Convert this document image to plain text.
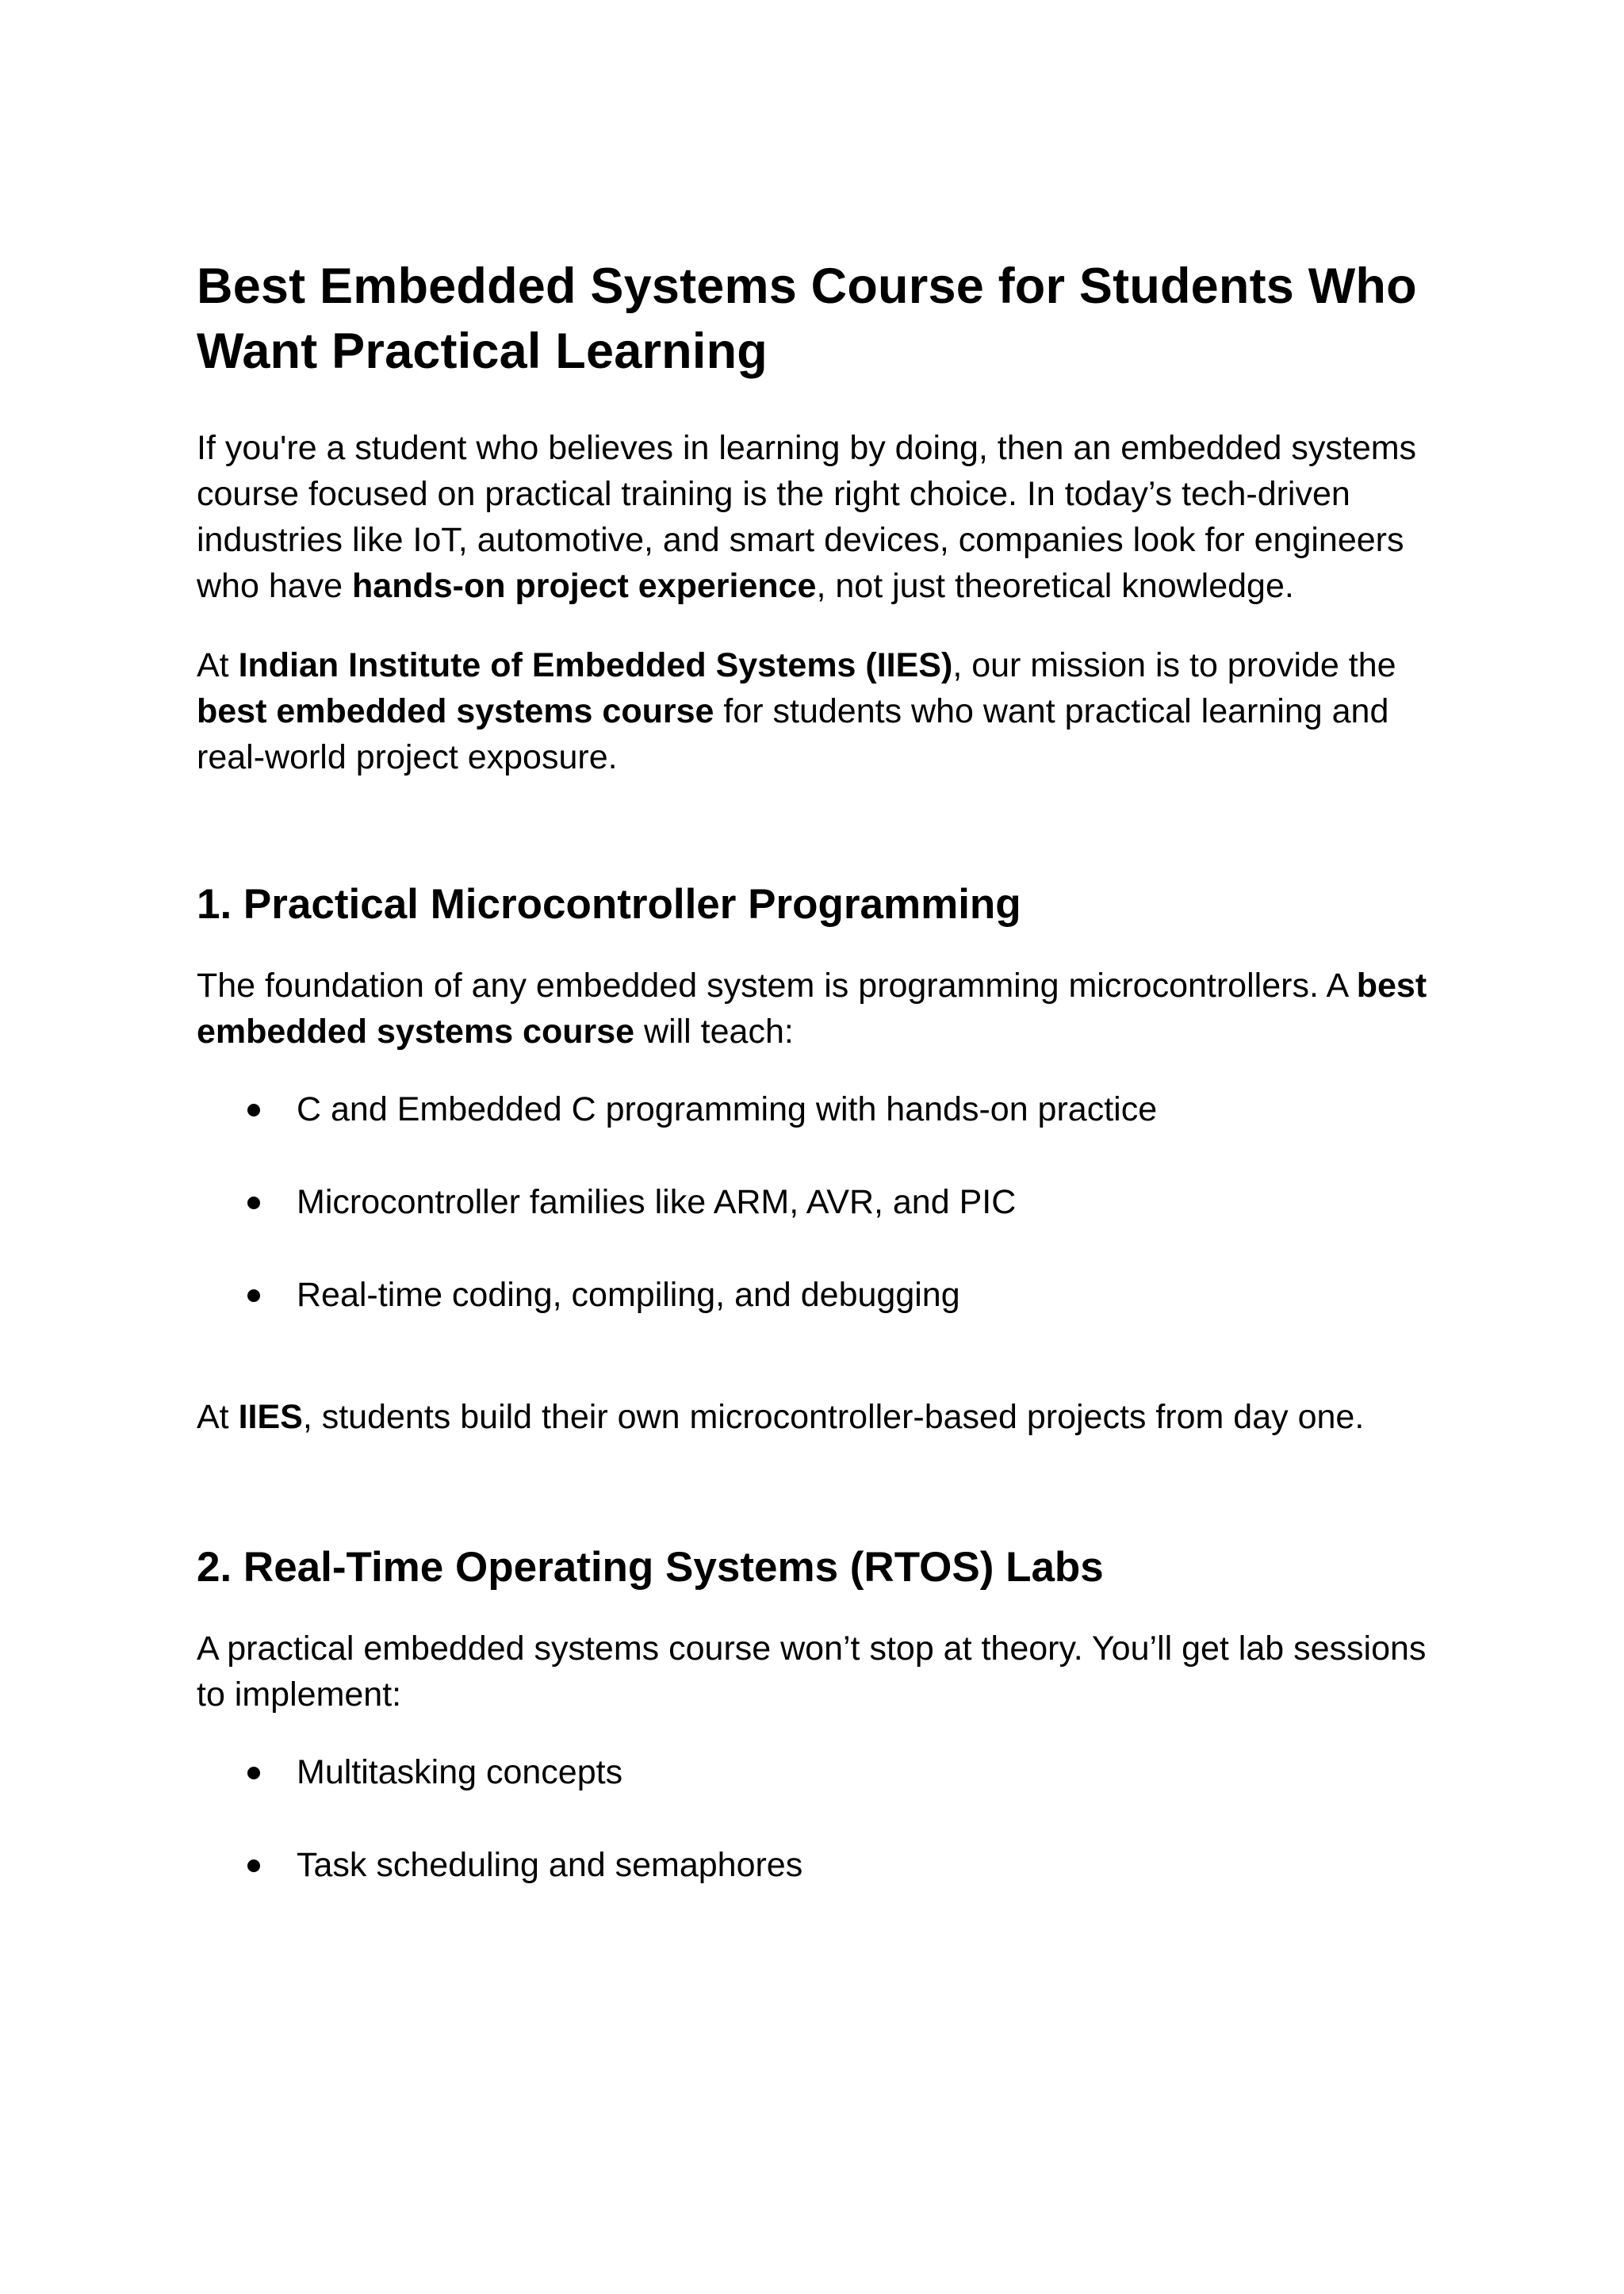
Best Embedded Systems Course for Students Who Want Practical Learning

If you're a student who believes in learning by doing, then an embedded systems course focused on practical training is the right choice. In today’s tech-driven industries like IoT, automotive, and smart devices, companies look for engineers who have hands-on project experience, not just theoretical knowledge.

At Indian Institute of Embedded Systems (IIES), our mission is to provide the best embedded systems course for students who want practical learning and real-world project exposure.

1. Practical Microcontroller Programming

The foundation of any embedded system is programming microcontrollers. A best embedded systems course will teach:

C and Embedded C programming with hands-on practice
Microcontroller families like ARM, AVR, and PIC
Real-time coding, compiling, and debugging

At IIES, students build their own microcontroller-based projects from day one.

2. Real-Time Operating Systems (RTOS) Labs

A practical embedded systems course won’t stop at theory. You’ll get lab sessions to implement:

Multitasking concepts
Task scheduling and semaphores
